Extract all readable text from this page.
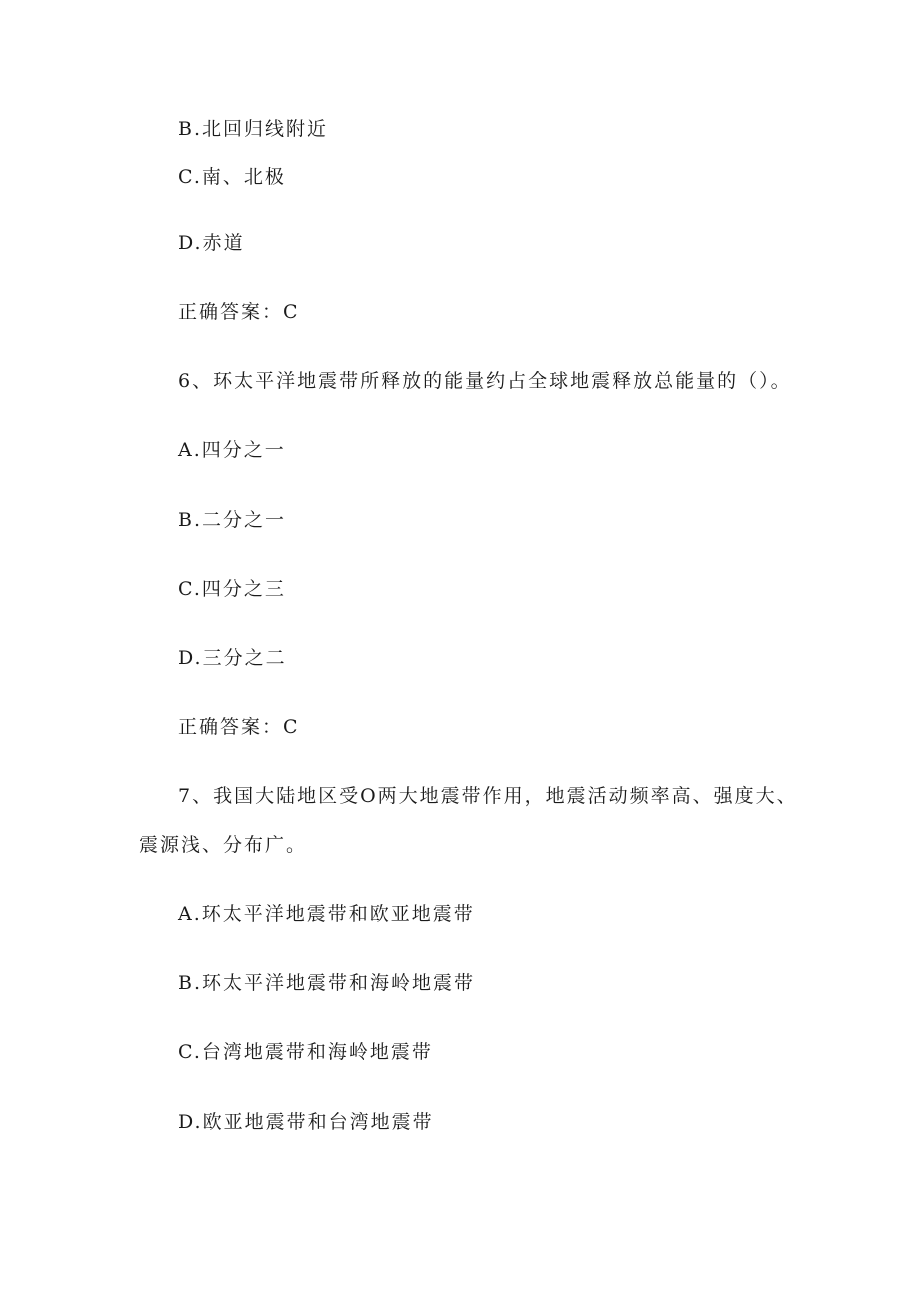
B.北回归线附近
C.南、北极
D.赤道
正确答案：C
6、环太平洋地震带所释放的能量约占全球地震释放总能量的（）。
A.四分之一
B.二分之一
C.四分之三
D.三分之二
正确答案：C
7、我国大陆地区受O两大地震带作用，地震活动频率高、强度大、
震源浅、分布广。
A.环太平洋地震带和欧亚地震带
B.环太平洋地震带和海岭地震带
C.台湾地震带和海岭地震带
D.欧亚地震带和台湾地震带
